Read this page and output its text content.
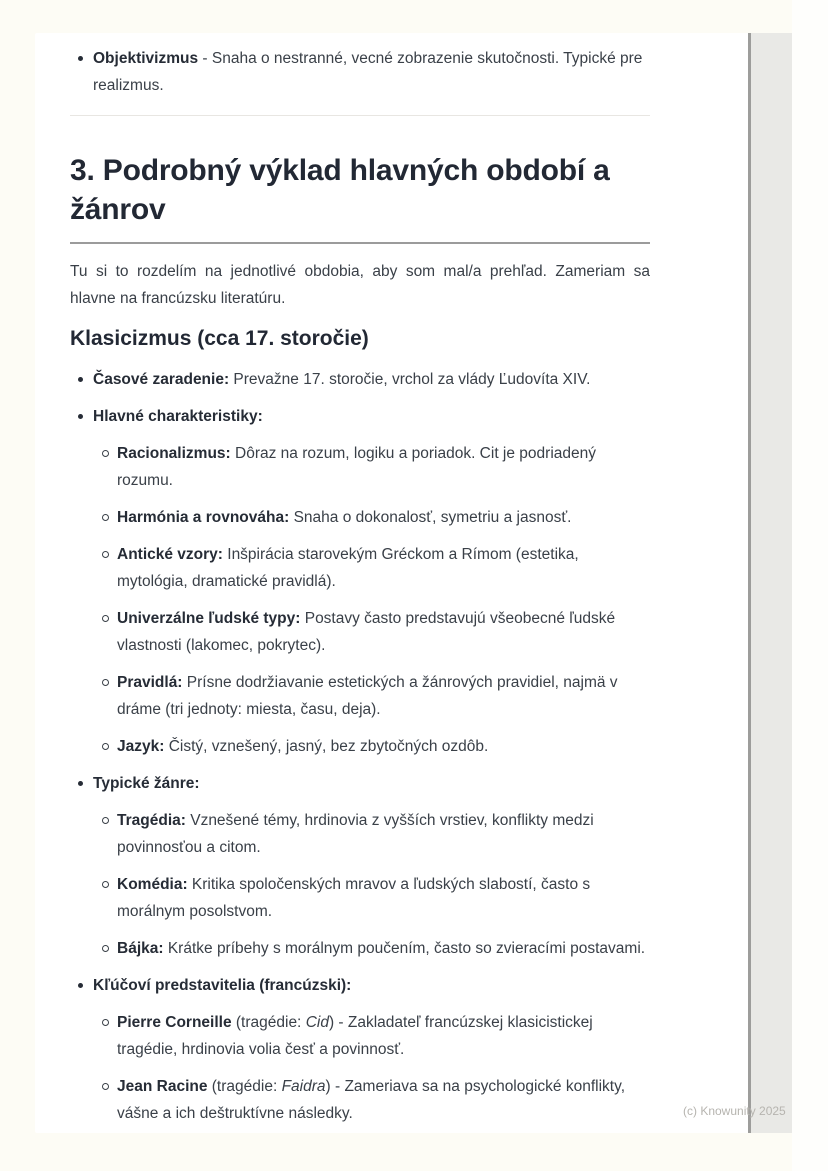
Objektivizmus - Snaha o nestranné, vecné zobrazenie skutočnosti. Typické pre realizmus.
3. Podrobný výklad hlavných období a žánrov

Tu si to rozdelím na jednotlivé obdobia, aby som mal/a prehľad. Zameriam sa hlavne na francúzsku literatúru.

Klasicizmus (cca 17. storočie)
Časové zaradenie: Prevažne 17. storočie, vrchol za vlády Ľudovíta XIV.
Hlavné charakteristiky:
Racionalizmus: Dôraz na rozum, logiku a poriadok. Cit je podriadený rozumu.
Harmónia a rovnováha: Snaha o dokonalosť, symetriu a jasnosť.
Antické vzory: Inšpirácia starovekým Gréckom a Rímom (estetika, mytológia, dramatické pravidlá).
Univerzálne ľudské typy: Postavy často predstavujú všeobecné ľudské vlastnosti (lakomec, pokrytec).
Pravidlá: Prísne dodržiavanie estetických a žánrových pravidiel, najmä v dráme (tri jednoty: miesta, času, deja).
Jazyk: Čistý, vznešený, jasný, bez zbytočných ozdôb.
Typické žánre:
Tragédia: Vznešené témy, hrdinovia z vyšších vrstiev, konflikty medzi povinnosťou a citom.
Komédia: Kritika spoločenských mravov a ľudských slabostí, často s morálnym posolstvom.
Bájka: Krátke príbehy s morálnym poučením, často so zvieracími postavami.
Kľúčoví predstavitelia (francúzski):
Pierre Corneille (tragédie: Cid) - Zakladateľ francúzskej klasicistickej tragédie, hrdinovia volia česť a povinnosť.
Jean Racine (tragédie: Faidra) - Zameriava sa na psychologické konflikty, vášne a ich deštruktívne následky.	(c) Knowunity 2025
